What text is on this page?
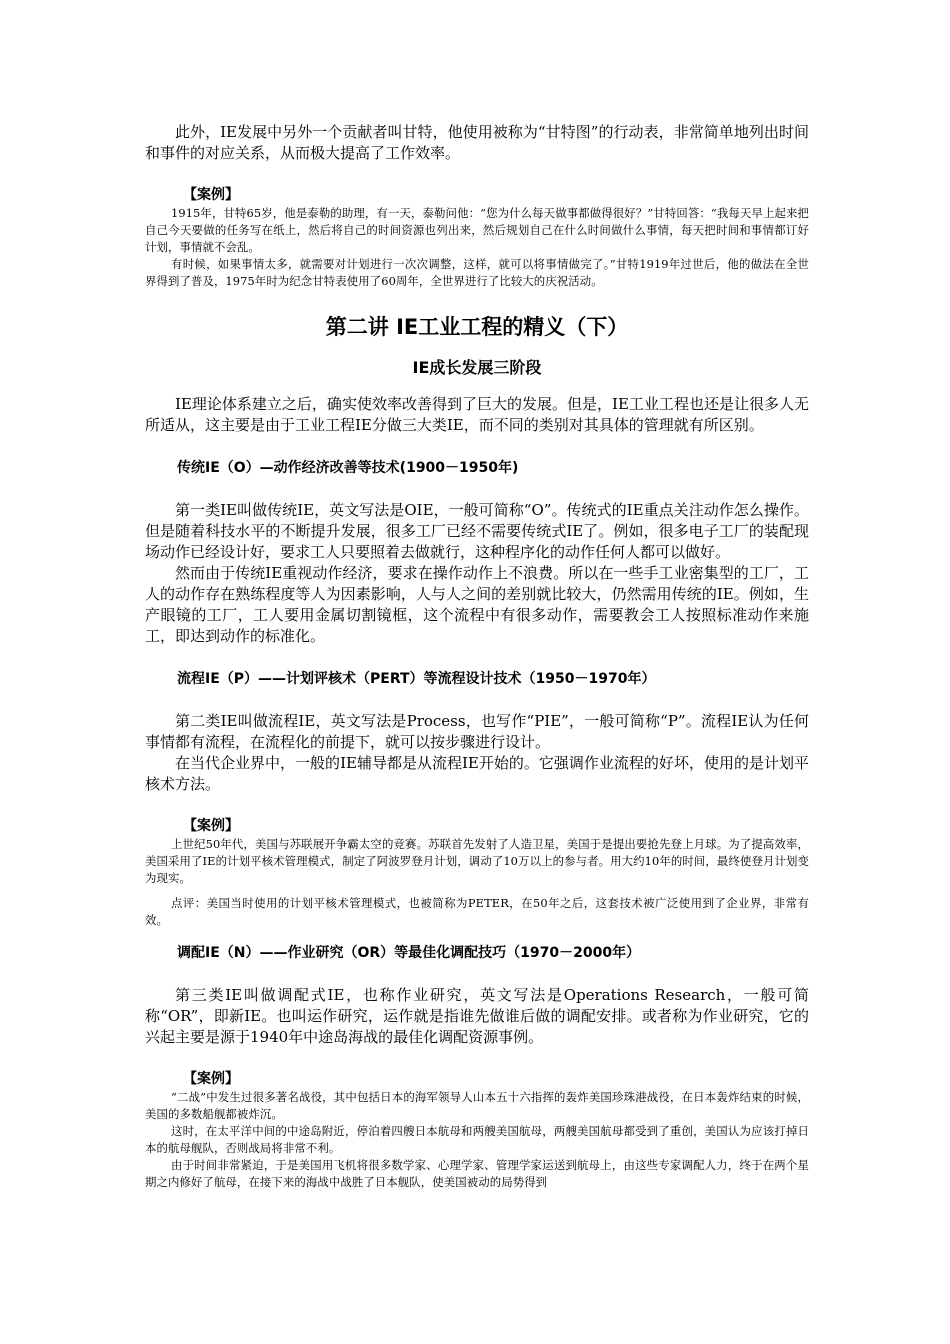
此外，IE发展中另外一个贡献者叫甘特，他使用被称为“甘特图”的行动表，非常简单地列出时间和事件的对应关系，从而极大提高了工作效率。

【案例】

1915年，甘特65岁，他是泰勒的助理，有一天，泰勒问他：“您为什么每天做事都做得很好？”甘特回答：“我每天早上起来把自己今天要做的任务写在纸上，然后将自己的时间资源也列出来，然后规划自己在什么时间做什么事情，每天把时间和事情都订好计划，事情就不会乱。

有时候，如果事情太多，就需要对计划进行一次次调整，这样，就可以将事情做完了。”甘特1919年过世后，他的做法在全世界得到了普及，1975年时为纪念甘特表使用了60周年，全世界进行了比较大的庆祝活动。

第二讲 IE工业工程的精义（下）
IE成长发展三阶段

IE理论体系建立之后，确实使效率改善得到了巨大的发展。但是，IE工业工程也还是让很多人无所适从，这主要是由于工业工程IE分做三大类IE，而不同的类别对其具体的管理就有所区别。

传统IE（O）—动作经济改善等技术(1900－1950年)

第一类IE叫做传统IE，英文写法是OIE，一般可简称“O”。传统式的IE重点关注动作怎么操作。但是随着科技水平的不断提升发展，很多工厂已经不需要传统式IE了。例如，很多电子工厂的装配现场动作已经设计好，要求工人只要照着去做就行，这种程序化的动作任何人都可以做好。

然而由于传统IE重视动作经济，要求在操作动作上不浪费。所以在一些手工业密集型的工厂，工人的动作存在熟练程度等人为因素影响，人与人之间的差别就比较大，仍然需用传统的IE。例如，生产眼镜的工厂，工人要用金属切割镜框，这个流程中有很多动作，需要教会工人按照标准动作来施工，即达到动作的标准化。

流程IE（P）——计划评核术（PERT）等流程设计技术（1950－1970年）

第二类IE叫做流程IE，英文写法是Process，也写作“PIE”，一般可简称“P”。流程IE认为任何事情都有流程，在流程化的前提下，就可以按步骤进行设计。

在当代企业界中，一般的IE辅导都是从流程IE开始的。它强调作业流程的好坏，使用的是计划平核术方法。

【案例】

上世纪50年代，美国与苏联展开争霸太空的竞赛。苏联首先发射了人造卫星，美国于是提出要抢先登上月球。为了提高效率，美国采用了IE的计划平核术管理模式，制定了阿波罗登月计划，调动了10万以上的参与者。用大约10年的时间，最终使登月计划变为现实。

点评：美国当时使用的计划平核术管理模式，也被简称为PETER，在50年之后，这套技术被广泛使用到了企业界，非常有效。

调配IE（N）——作业研究（OR）等最佳化调配技巧（1970－2000年）

第三类IE叫做调配式IE，也称作业研究，英文写法是Operations Research，一般可简称“OR”，即新IE。也叫运作研究，运作就是指谁先做谁后做的调配安排。或者称为作业研究，它的兴起主要是源于1940年中途岛海战的最佳化调配资源事例。

【案例】

“二战”中发生过很多著名战役，其中包括日本的海军领导人山本五十六指挥的轰炸美国珍珠港战役，在日本轰炸结束的时候，美国的多数船舰都被炸沉。

这时，在太平洋中间的中途岛附近，停泊着四艘日本航母和两艘美国航母，两艘美国航母都受到了重创，美国认为应该打掉日本的航母舰队，否则战局将非常不利。

由于时间非常紧迫，于是美国用飞机将很多数学家、心理学家、管理学家运送到航母上，由这些专家调配人力，终于在两个星期之内修好了航母，在接下来的海战中战胜了日本舰队，使美国被动的局势得到
